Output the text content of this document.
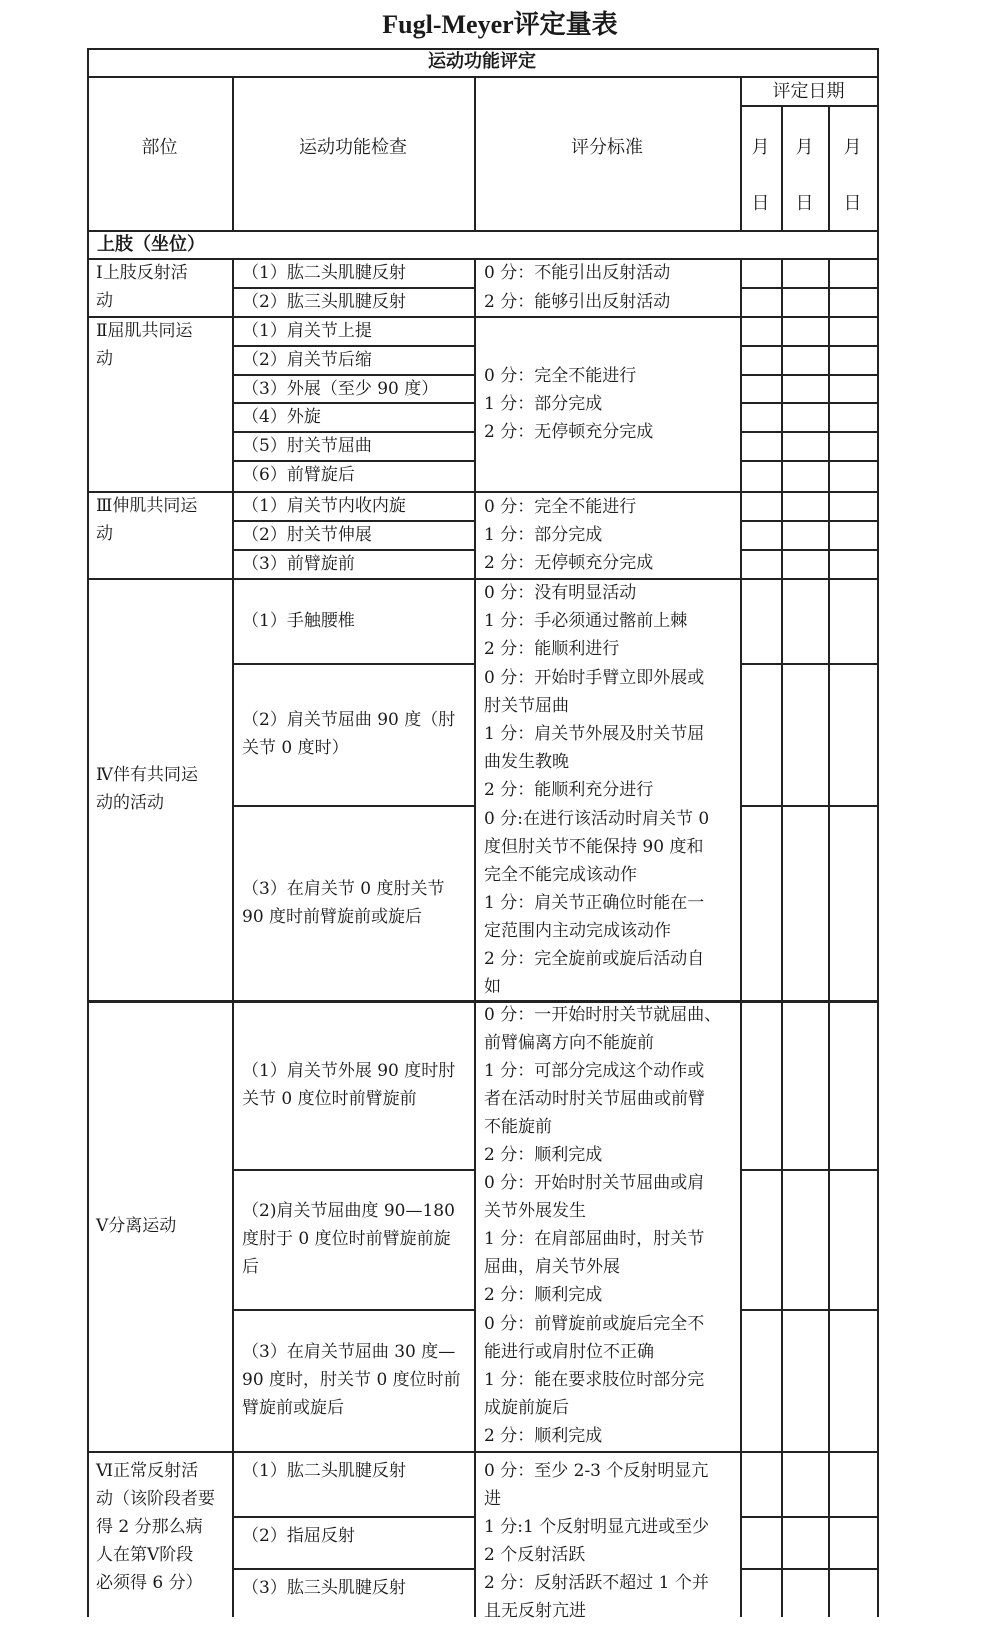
Fugl-Meyer评定量表
运动功能评定
部位	运动功能检查	评分标准
评定日期
月
日
月
日
月
日
上肢（坐位）
Ⅰ上肢反射活
动
（1）肱二头肌腱反射
（2）肱三头肌腱反射
0 分：不能引出反射活动
2 分：能够引出反射活动
Ⅱ屈肌共同运
动
（1）肩关节上提
（2）肩关节后缩
（3）外展（至少 90 度）
（4）外旋
（5）肘关节屈曲
（6）前臂旋后
0 分：完全不能进行
1 分：部分完成
2 分：无停顿充分完成
Ⅲ伸肌共同运
动
（1）肩关节内收内旋
（2）肘关节伸展
（3）前臂旋前
0 分：完全不能进行
1 分：部分完成
2 分：无停顿充分完成
Ⅳ伴有共同运
动的活动
（1）手触腰椎
（2）肩关节屈曲 90 度（肘
关节 0 度时）
（3）在肩关节 0 度肘关节
90 度时前臂旋前或旋后
0 分：没有明显活动
1 分：手必须通过髂前上棘
2 分：能顺利进行
0 分：开始时手臂立即外展或
肘关节屈曲
1 分：肩关节外展及肘关节屈
曲发生教晚
2 分：能顺利充分进行
0 分:在进行该活动时肩关节 0
度但肘关节不能保持 90 度和
完全不能完成该动作
1 分：肩关节正确位时能在一
定范围内主动完成该动作
2 分：完全旋前或旋后活动自
如
Ⅴ分离运动
（1）肩关节外展 90 度时肘
关节 0 度位时前臂旋前
（2)肩关节屈曲度 90—180
度肘于 0 度位时前臂旋前旋
后
（3）在肩关节屈曲 30 度—
90 度时，肘关节 0 度位时前
臂旋前或旋后
0 分：一开始时肘关节就屈曲、
前臂偏离方向不能旋前
1 分：可部分完成这个动作或
者在活动时肘关节屈曲或前臂
不能旋前
2 分：顺利完成
0 分：开始时肘关节屈曲或肩
关节外展发生
1 分：在肩部屈曲时，肘关节
屈曲，肩关节外展
2 分：顺利完成
0 分：前臂旋前或旋后完全不
能进行或肩肘位不正确
1 分：能在要求肢位时部分完
成旋前旋后
2 分：顺利完成
Ⅵ正常反射活
动（该阶段者要
得 2 分那么病
人在第Ⅴ阶段
必须得 6 分）
（1）肱二头肌腱反射
（2）指屈反射
（3）肱三头肌腱反射
0 分：至少 2-3 个反射明显亢
进
1 分:1 个反射明显亢进或至少
2 个反射活跃
2 分：反射活跃不超过 1 个并
且无反射亢进
